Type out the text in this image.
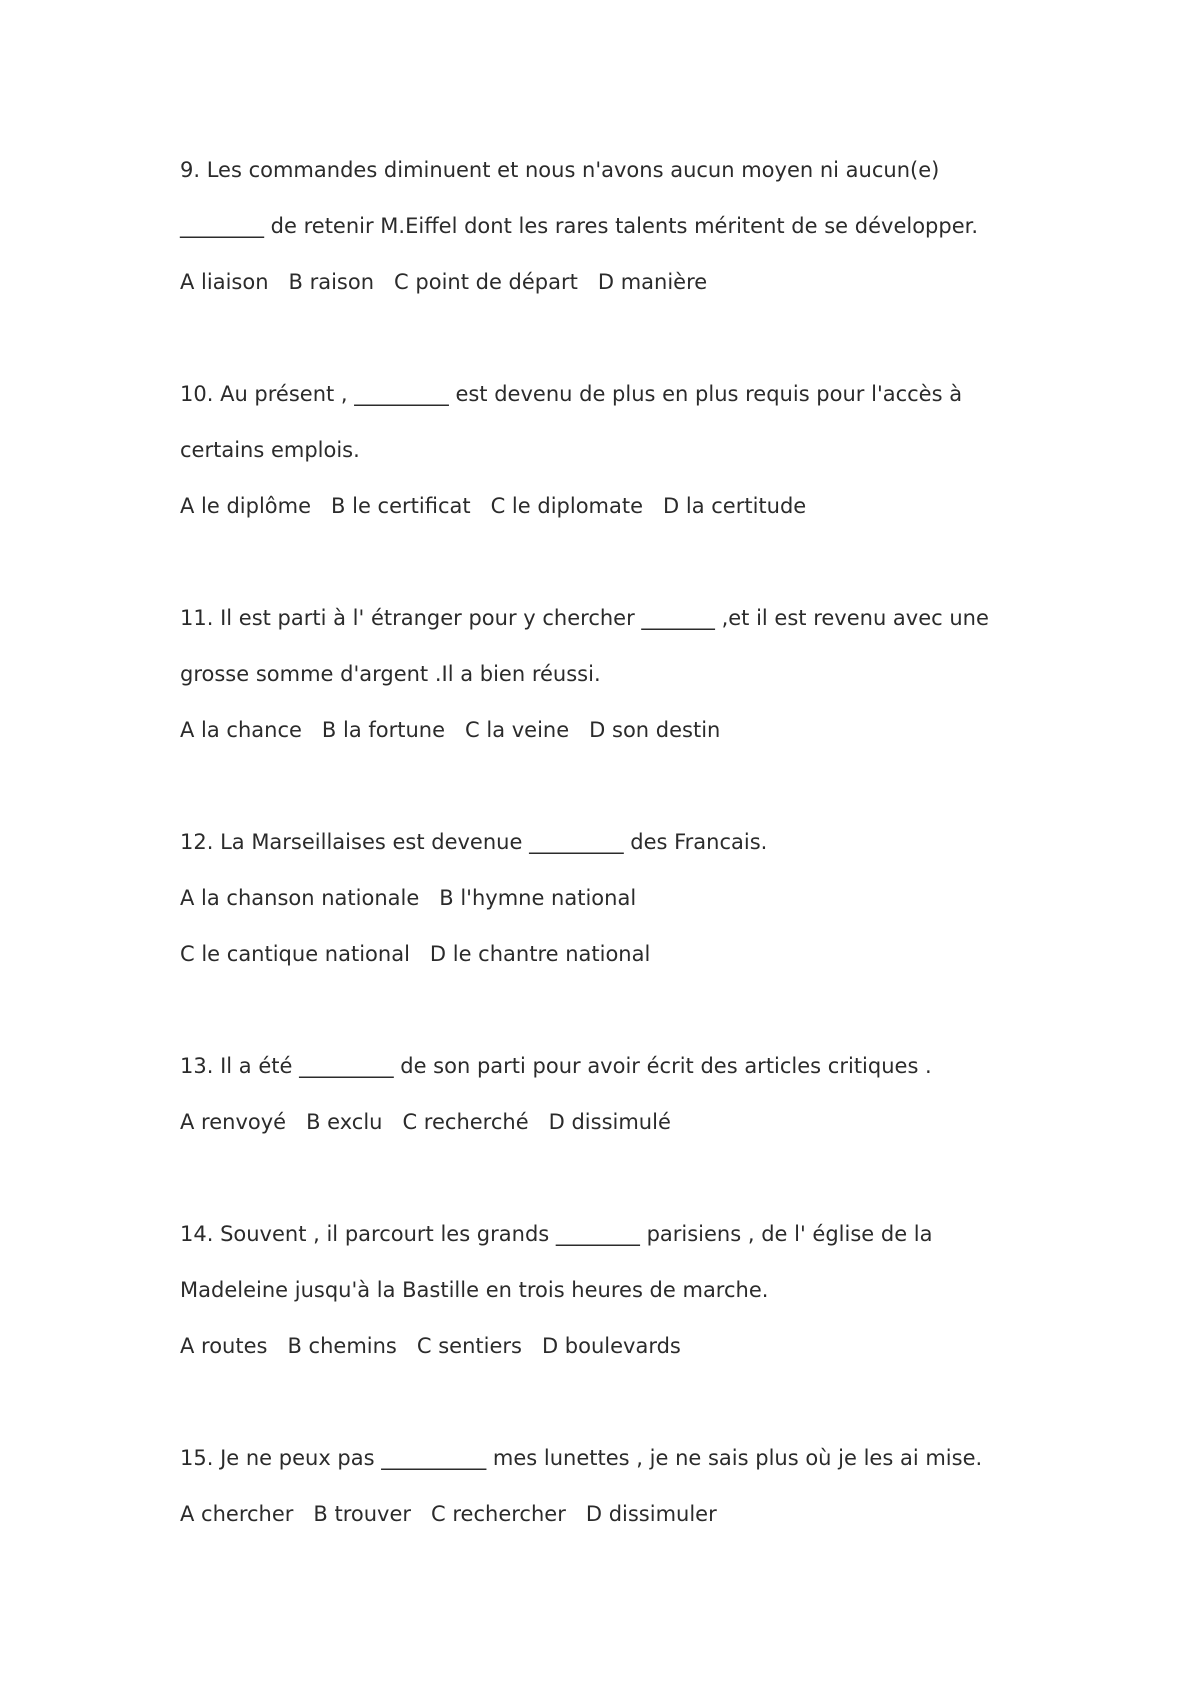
9. Les commandes diminuent et nous n'avons aucun moyen ni aucun(e)
________ de retenir M.Eiffel dont les rares talents méritent de se développer.
A liaison B raison C point de départ D manière
10. Au présent , _________ est devenu de plus en plus requis pour l'accès à
certains emplois.
A le diplôme B le certificat C le diplomate D la certitude
11. Il est parti à l' étranger pour y chercher _______ ,et il est revenu avec une
grosse somme d'argent .Il a bien réussi.
A la chance B la fortune C la veine D son destin
12. La Marseillaises est devenue _________ des Francais.
A la chanson nationale B l'hymne national
C le cantique national D le chantre national
13. Il a été _________ de son parti pour avoir écrit des articles critiques .
A renvoyé B exclu C recherché D dissimulé
14. Souvent , il parcourt les grands ________ parisiens , de l' église de la
Madeleine jusqu'à la Bastille en trois heures de marche.
A routes B chemins C sentiers D boulevards
15. Je ne peux pas __________ mes lunettes , je ne sais plus où je les ai mise.
A chercher B trouver C rechercher D dissimuler
